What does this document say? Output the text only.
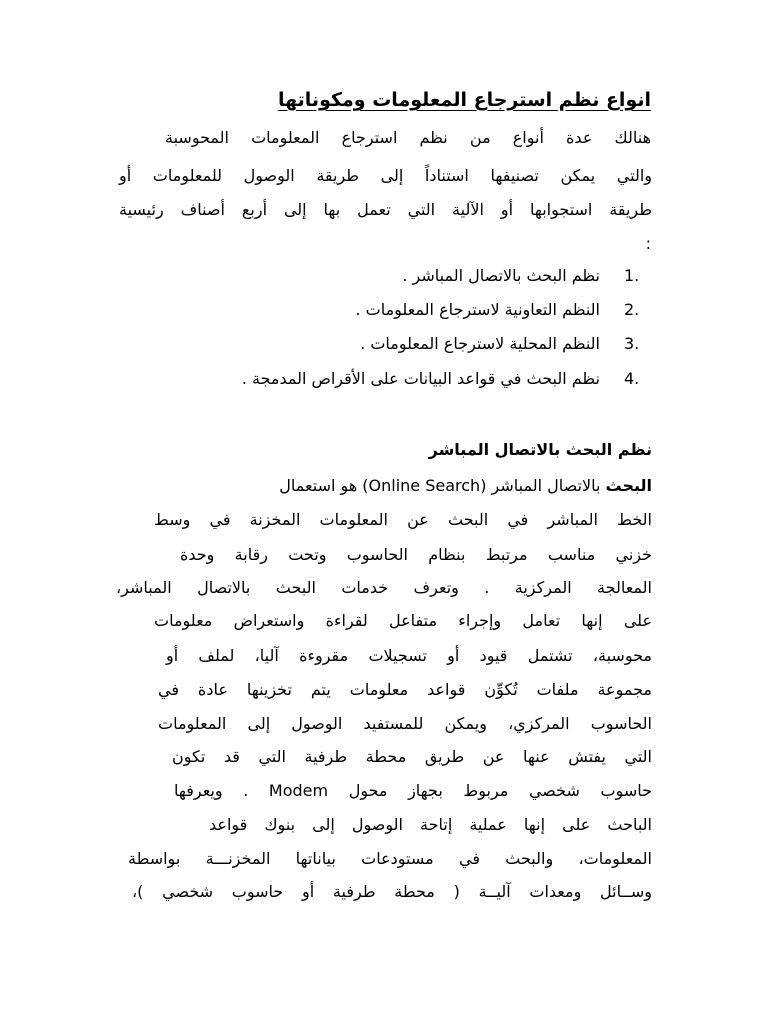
انواع نظم استرجاع المعلومات ومكوناتها
هنالك عدة أنواع من نظم استرجاع المعلومات المحوسبة
والتي يمكن تصنيفها استناداً إلى طريقة الوصول للمعلومات أو
طريقة استجوابها أو الآلية التي تعمل بها إلى أربع أصناف رئيسية
:
1.
نظم البحث بالاتصال المباشر .
2.
النظم التعاونية لاسترجاع المعلومات .
3.
النظم المحلية لاسترجاع المعلومات .
4.
نظم البحث في قواعد البيانات على الأقراص المدمجة .
نظم البحث بالاتصال المباشر
البحث بالاتصال المباشر (Online Search) هو استعمال
الخط المباشر في البحث عن المعلومات المخزنة في وسط
خزني مناسب مرتبط بنظام الحاسوب وتحت رقابة وحدة
المعالجة المركزية . وتعرف خدمات البحث بالاتصال المباشر،
على إنها تعامل وإجراء متفاعل لقراءة واستعراض معلومات
محوسبة، تشتمل قيود أو تسجيلات مقروءة آليا، لملف أو
مجموعة ملفات تُكوِّن قواعد معلومات يتم تخزينها عادة في
الحاسوب المركزي، ويمكن للمستفيد الوصول إلى المعلومات
التي يفتش عنها عن طريق محطة طرفية التي قد تكون
حاسوب شخصي مربوط بجهاز محول Modem . ويعرفها
الباحث على إنها عملية إتاحة الوصول إلى بنوك قواعد
المعلومات، والبحث في مستودعات بياناتها المخزنـــة بواسطة
وســائل ومعدات آليــة ( محطة طرفية أو حاسوب شخصي )،
